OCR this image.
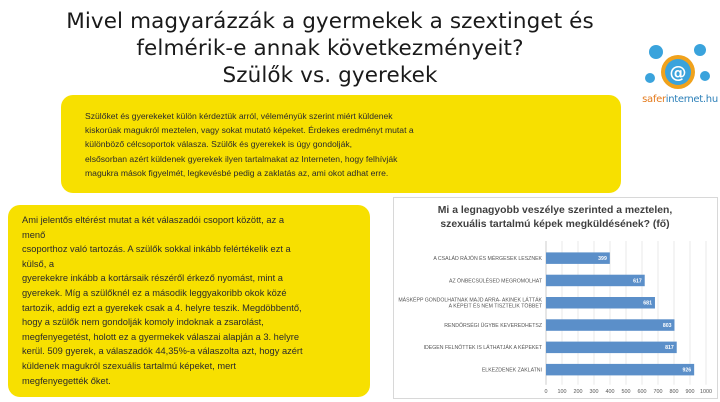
Mivel magyarázzák a gyermekek a szextinget és
felmérik-e annak következményeit?
Szülők vs. gyerekek	@
saferinternet.hu
Szülőket és gyerekeket külön kérdeztük arról, véleményük szerint miért küldenek
kiskorúak magukról meztelen, vagy sokat mutató képeket. Érdekes eredményt mutat a
különböző célcsoportok válasza. Szülők és gyerekek is úgy gondolják,
elsősorban azért küldenek gyerekek ilyen tartalmakat az Interneten, hogy felhívják
magukra mások figyelmét, legkevésbé pedig a zaklatás az, ami okot adhat erre.
Ami jelentős eltérést mutat a két válaszadói csoport között, az a
menő
csoporthoz való tartozás. A szülők sokkal inkább felértékelik ezt a
külső, a
gyerekekre inkább a kortársaik részéről érkező nyomást, mint a
gyerekek. Míg a szülőknél ez a második leggyakoribb okok közé
tartozik, addig ezt a gyerekek csak a 4. helyre teszik. Megdöbbentő,
hogy a szülők nem gondolják komoly indoknak a zsarolást,
megfenyegetést, holott ez a gyermekek válaszai alapján a 3. helyre
kerül. 509 gyerek, a válaszadók 44,35%-a válaszolta azt, hogy azért
küldenek magukról szexuális tartalmú képeket, mert
megfenyegették őket.
Mi a legnagyobb veszélye szerinted a meztelen,
szexuális tartalmú képek megküldésének? (fő)
0 100 200 300 400 500 600 700 800 900 1000
399
A CSALÁD RÁJÖN ÉS MÉRGESEK LESZNEK
617
AZ ÖNBECSÜLÉSED MEGROMOLHAT
681
MÁSKÉPP GONDOLHATNAK MAJD ARRA- AKINEK LÁTTÁK
A KÉPEIT ÉS NEM TISZTELIK TÖBBET
803
RENDŐRSÉGI ÜGYBE KEVEREDHETSZ
817
IDEGEN FELNŐTTEK IS LÁTHATJÁK A KÉPEKET
926
ELKEZDENEK ZAKLATNI
